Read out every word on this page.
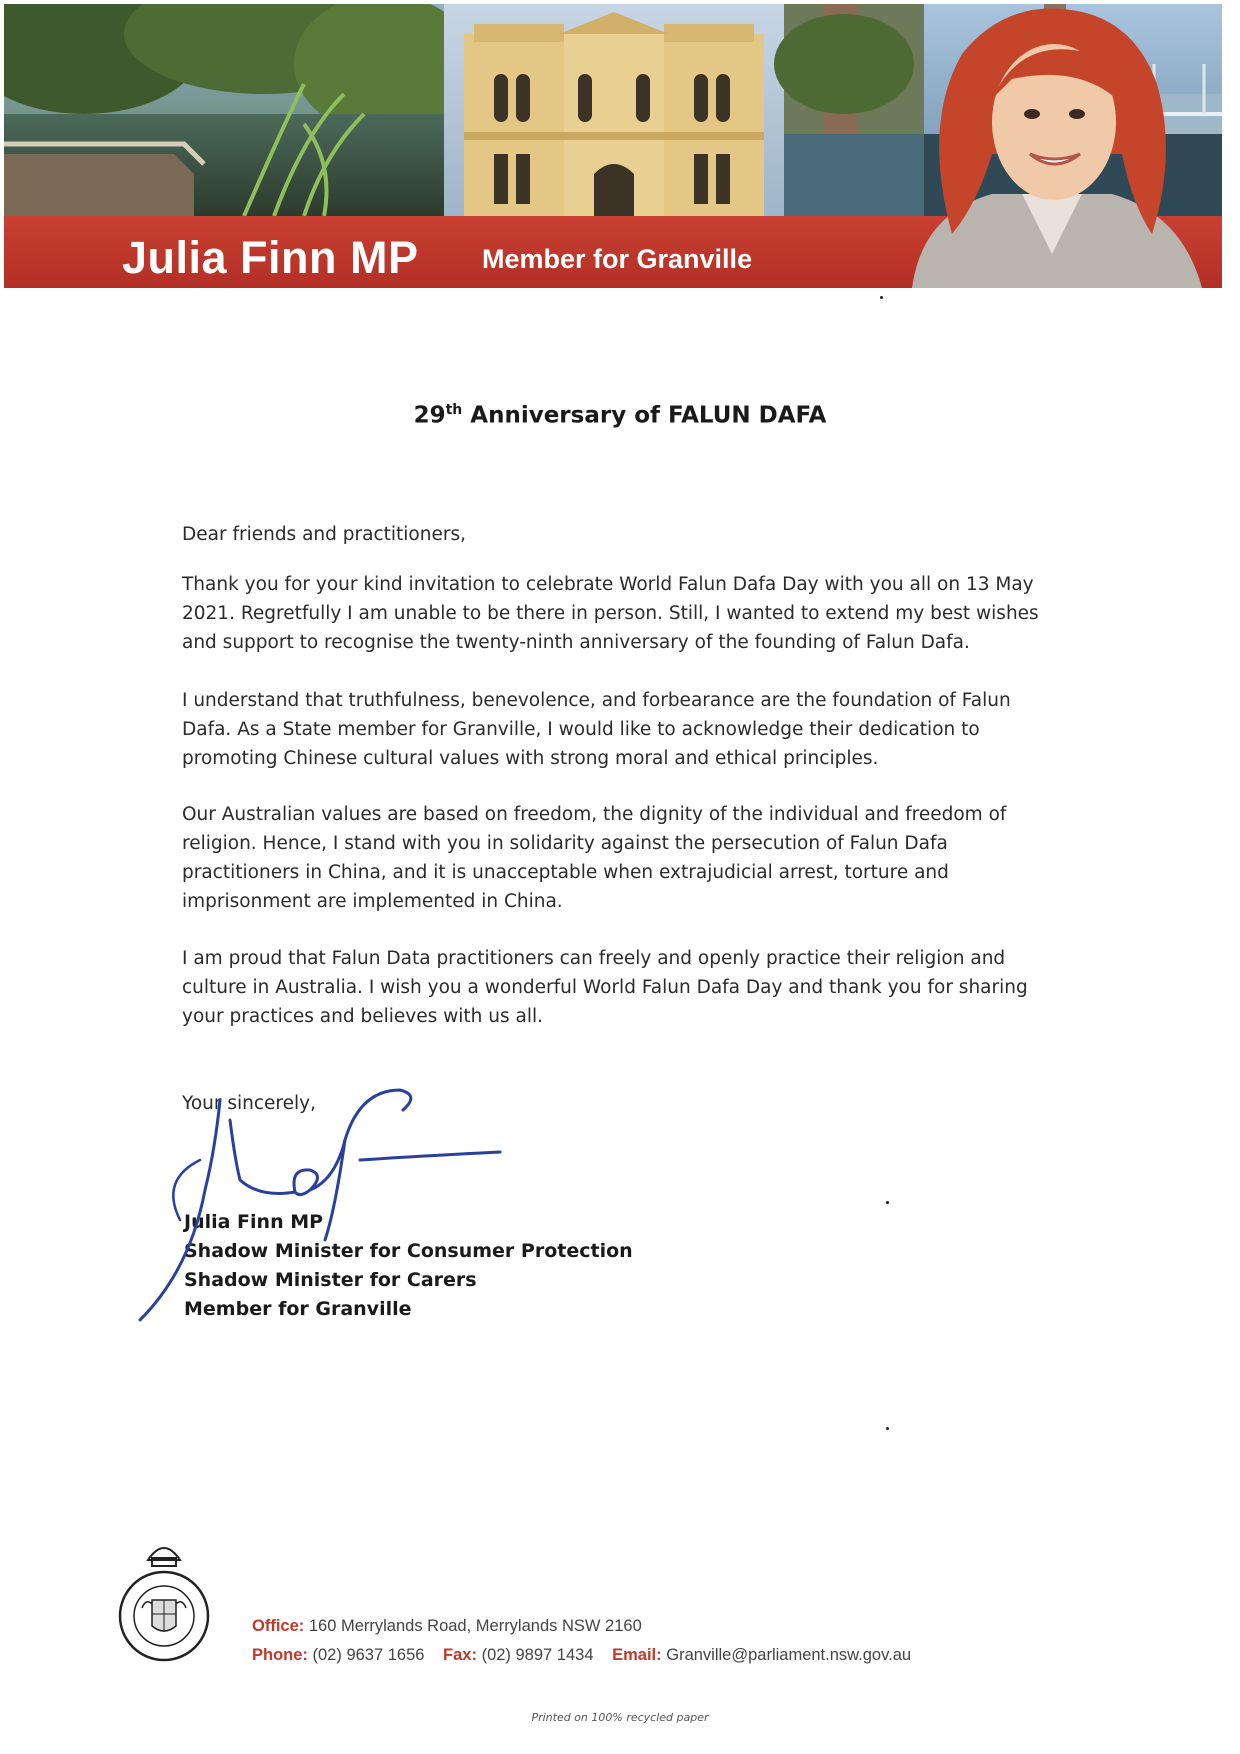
Julia Finn MP Member for Granville
29th Anniversary of FALUN DAFA
Dear friends and practitioners,
Thank you for your kind invitation to celebrate World Falun Dafa Day with you all on 13 May 2021. Regretfully I am unable to be there in person. Still, I wanted to extend my best wishes and support to recognise the twenty-ninth anniversary of the founding of Falun Dafa.
I understand that truthfulness, benevolence, and forbearance are the foundation of Falun Dafa. As a State member for Granville, I would like to acknowledge their dedication to promoting Chinese cultural values with strong moral and ethical principles.
Our Australian values are based on freedom, the dignity of the individual and freedom of religion. Hence, I stand with you in solidarity against the persecution of Falun Dafa practitioners in China, and it is unacceptable when extrajudicial arrest, torture and imprisonment are implemented in China.
I am proud that Falun Data practitioners can freely and openly practice their religion and culture in Australia. I wish you a wonderful World Falun Dafa Day and thank you for sharing your practices and believes with us all.
Your sincerely,
Julia Finn MP
Shadow Minister for Consumer Protection
Shadow Minister for Carers
Member for Granville
Office: 160 Merrylands Road, Merrylands NSW 2160
Phone: (02) 9637 1656 Fax: (02) 9897 1434 Email: Granville@parliament.nsw.gov.au
Printed on 100% recycled paper
